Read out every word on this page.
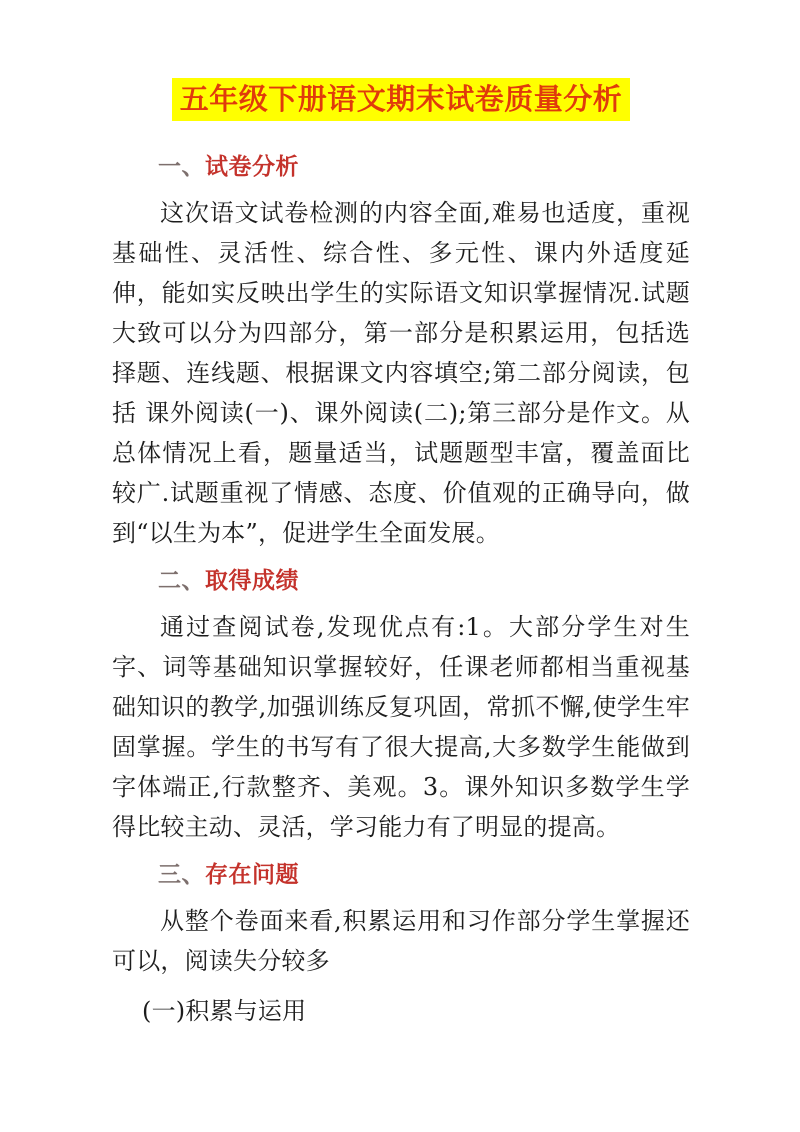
五年级下册语文期末试卷质量分析
一、试卷分析

这次语文试卷检测的内容全面,难易也适度，重视基础性、灵活性、综合性、多元性、课内外适度延伸，能如实反映出学生的实际语文知识掌握情况.试题大致可以分为四部分，第一部分是积累运用，包括选择题、连线题、根据课文内容填空;第二部分阅读，包括 课外阅读(一)、课外阅读(二);第三部分是作文。从总体情况上看，题量适当，试题题型丰富，覆盖面比较广.试题重视了情感、态度、价值观的正确导向，做到“以生为本”，促进学生全面发展。

二、取得成绩

通过查阅试卷,发现优点有:1。大部分学生对生字、词等基础知识掌握较好，任课老师都相当重视基础知识的教学,加强训练反复巩固，常抓不懈,使学生牢固掌握。学生的书写有了很大提高,大多数学生能做到字体端正,行款整齐、美观。3。课外知识多数学生学得比较主动、灵活，学习能力有了明显的提高。

三、存在问题

从整个卷面来看,积累运用和习作部分学生掌握还可以，阅读失分较多

(一)积累与运用
